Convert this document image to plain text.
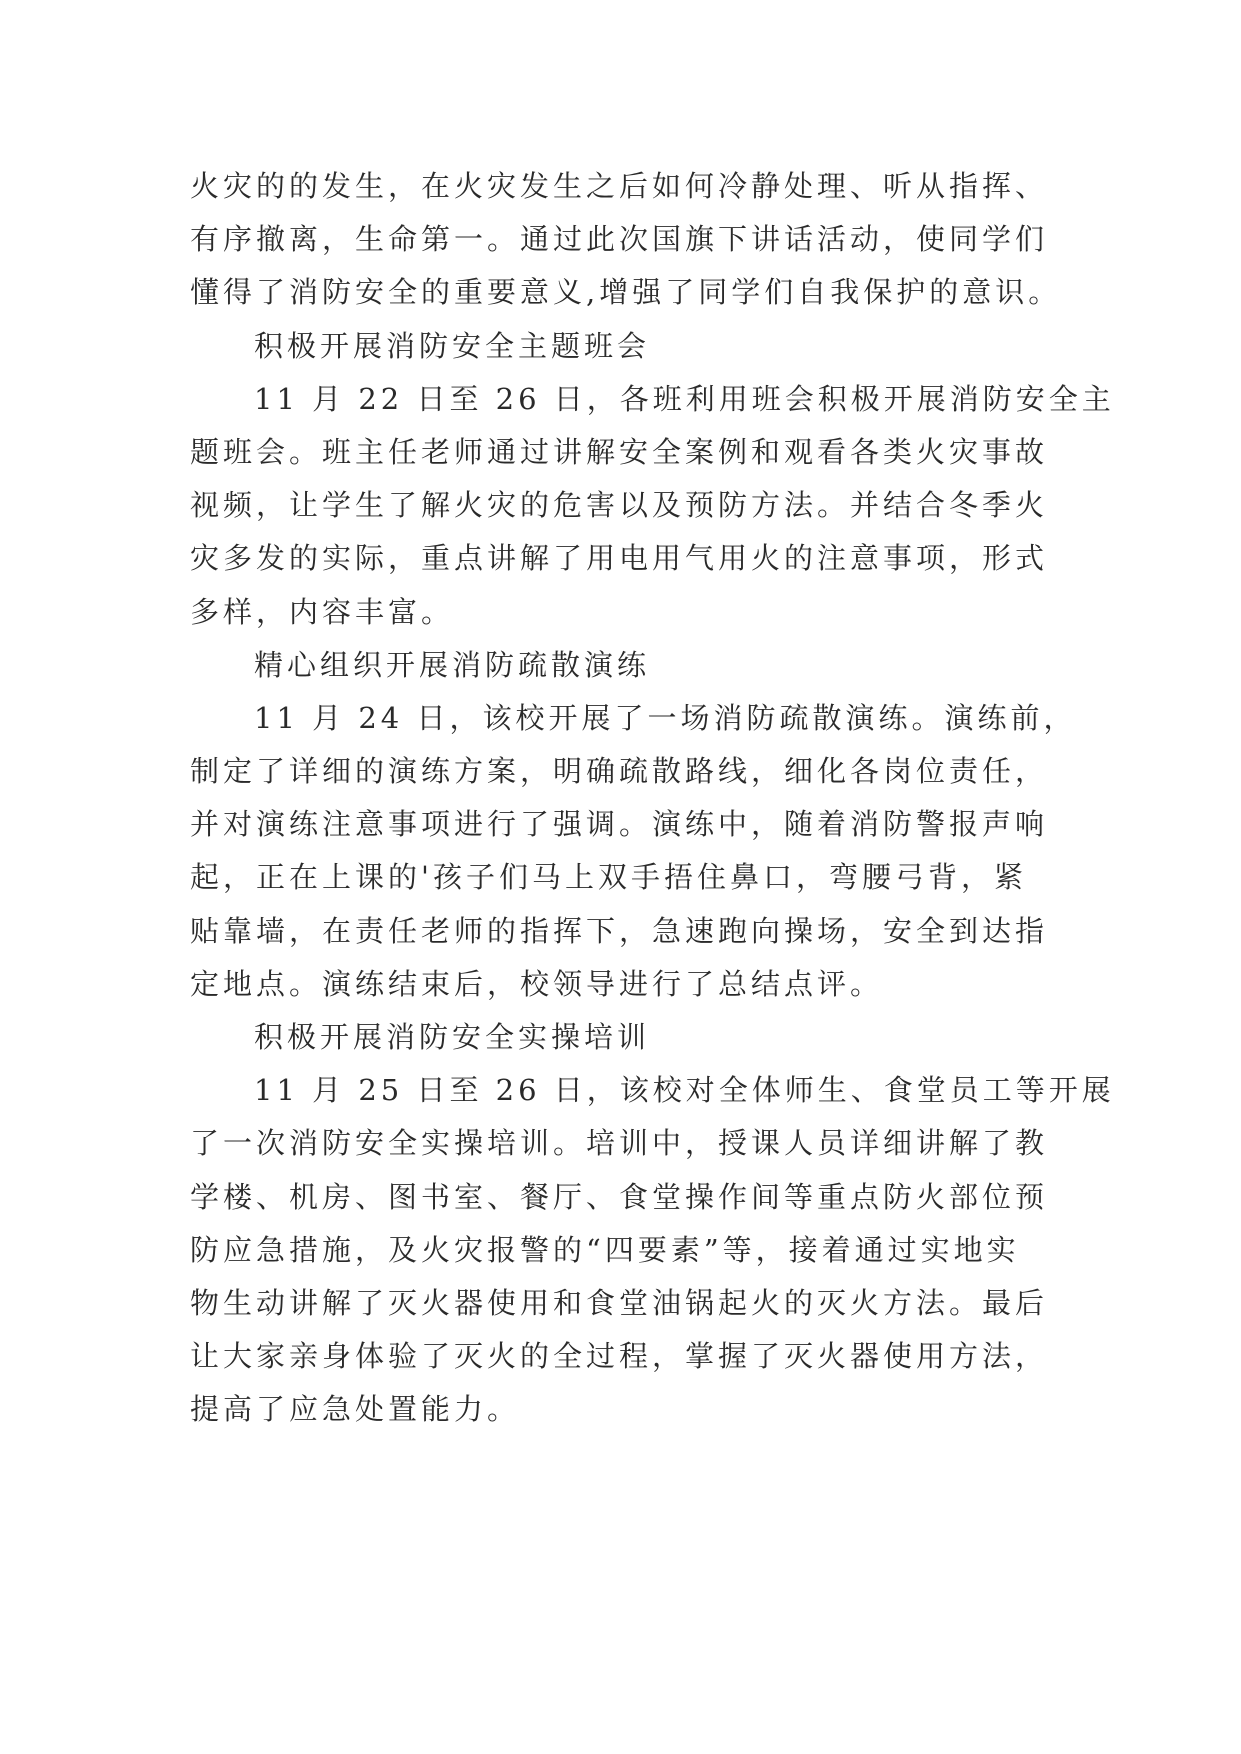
火灾的的发生，在火灾发生之后如何冷静处理、听从指挥、
有序撤离，生命第一。通过此次国旗下讲话活动，使同学们
懂得了消防安全的重要意义,增强了同学们自我保护的意识。
积极开展消防安全主题班会
11 月 22 日至 26 日，各班利用班会积极开展消防安全主
题班会。班主任老师通过讲解安全案例和观看各类火灾事故
视频，让学生了解火灾的危害以及预防方法。并结合冬季火
灾多发的实际，重点讲解了用电用气用火的注意事项，形式
多样，内容丰富。
精心组织开展消防疏散演练
11 月 24 日，该校开展了一场消防疏散演练。演练前，
制定了详细的演练方案，明确疏散路线，细化各岗位责任，
并对演练注意事项进行了强调。演练中，随着消防警报声响
起，正在上课的'孩子们马上双手捂住鼻口，弯腰弓背，紧
贴靠墙，在责任老师的指挥下，急速跑向操场，安全到达指
定地点。演练结束后，校领导进行了总结点评。
积极开展消防安全实操培训
11 月 25 日至 26 日，该校对全体师生、食堂员工等开展
了一次消防安全实操培训。培训中，授课人员详细讲解了教
学楼、机房、图书室、餐厅、食堂操作间等重点防火部位预
防应急措施，及火灾报警的“四要素”等，接着通过实地实
物生动讲解了灭火器使用和食堂油锅起火的灭火方法。最后
让大家亲身体验了灭火的全过程，掌握了灭火器使用方法，
提高了应急处置能力。
